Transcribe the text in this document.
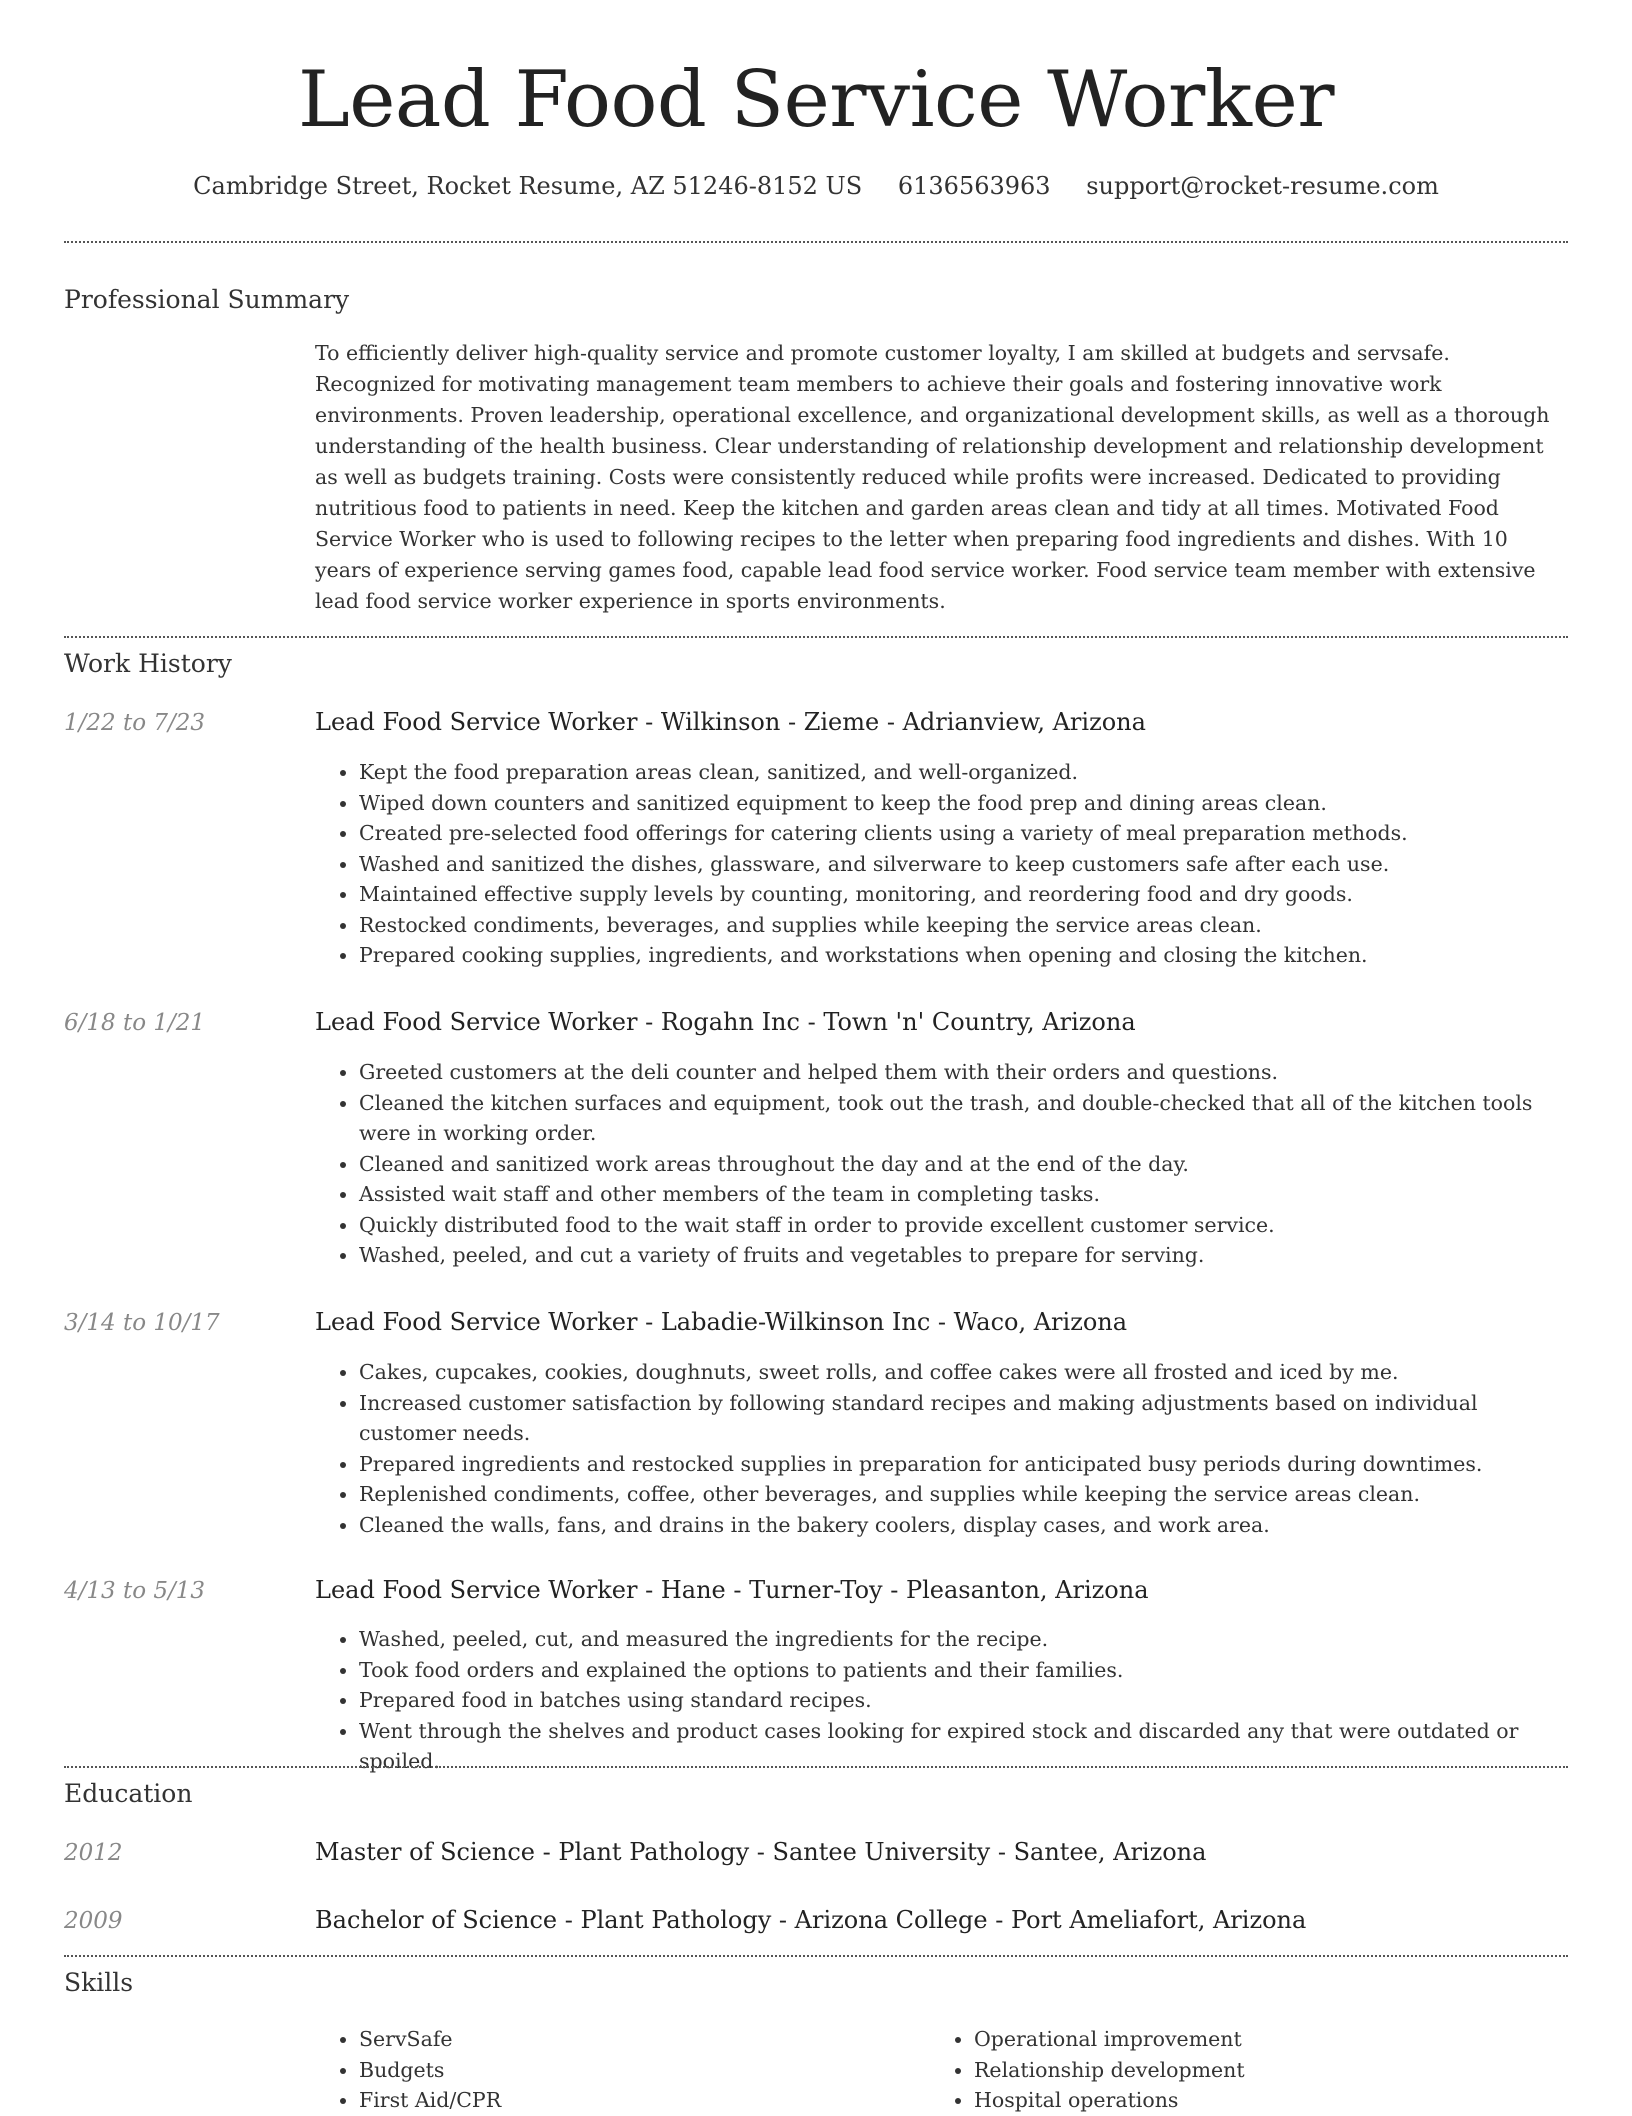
Lead Food Service Worker
Cambridge Street, Rocket Resume, AZ 51246-8152 US 6136563963 support@rocket-resume.com
Professional Summary

To efficiently deliver high-quality service and promote customer loyalty, I am skilled at budgets and servsafe. Recognized for motivating management team members to achieve their goals and fostering innovative work environments. Proven leadership, operational excellence, and organizational development skills, as well as a thorough understanding of the health business. Clear understanding of relationship development and relationship development as well as budgets training. Costs were consistently reduced while profits were increased. Dedicated to providing nutritious food to patients in need. Keep the kitchen and garden areas clean and tidy at all times. Motivated Food Service Worker who is used to following recipes to the letter when preparing food ingredients and dishes. With 10 years of experience serving games food, capable lead food service worker. Food service team member with extensive lead food service worker experience in sports environments.

Work History
1/22 to 7/23	Lead Food Service Worker - Wilkinson - Zieme - Adrianview, Arizona
• Kept the food preparation areas clean, sanitized, and well-organized.
• Wiped down counters and sanitized equipment to keep the food prep and dining areas clean.
• Created pre-selected food offerings for catering clients using a variety of meal preparation methods.
• Washed and sanitized the dishes, glassware, and silverware to keep customers safe after each use.
• Maintained effective supply levels by counting, monitoring, and reordering food and dry goods.
• Restocked condiments, beverages, and supplies while keeping the service areas clean.
• Prepared cooking supplies, ingredients, and workstations when opening and closing the kitchen.
6/18 to 1/21	Lead Food Service Worker - Rogahn Inc - Town 'n' Country, Arizona
• Greeted customers at the deli counter and helped them with their orders and questions.
• Cleaned the kitchen surfaces and equipment, took out the trash, and double-checked that all of the kitchen tools were in working order.
• Cleaned and sanitized work areas throughout the day and at the end of the day.
• Assisted wait staff and other members of the team in completing tasks.
• Quickly distributed food to the wait staff in order to provide excellent customer service.
• Washed, peeled, and cut a variety of fruits and vegetables to prepare for serving.
3/14 to 10/17	Lead Food Service Worker - Labadie-Wilkinson Inc - Waco, Arizona
• Cakes, cupcakes, cookies, doughnuts, sweet rolls, and coffee cakes were all frosted and iced by me.
• Increased customer satisfaction by following standard recipes and making adjustments based on individual customer needs.
• Prepared ingredients and restocked supplies in preparation for anticipated busy periods during downtimes.
• Replenished condiments, coffee, other beverages, and supplies while keeping the service areas clean.
• Cleaned the walls, fans, and drains in the bakery coolers, display cases, and work area.
4/13 to 5/13	Lead Food Service Worker - Hane - Turner-Toy - Pleasanton, Arizona
• Washed, peeled, cut, and measured the ingredients for the recipe.
• Took food orders and explained the options to patients and their families.
• Prepared food in batches using standard recipes.
• Went through the shelves and product cases looking for expired stock and discarded any that were outdated or spoiled.
Education
2012	Master of Science - Plant Pathology - Santee University - Santee, Arizona
2009	Bachelor of Science - Plant Pathology - Arizona College - Port Ameliafort, Arizona
Skills
• ServSafe
• Budgets
• First Aid/CPR
• Operational improvement
• Relationship development
• Hospital operations
